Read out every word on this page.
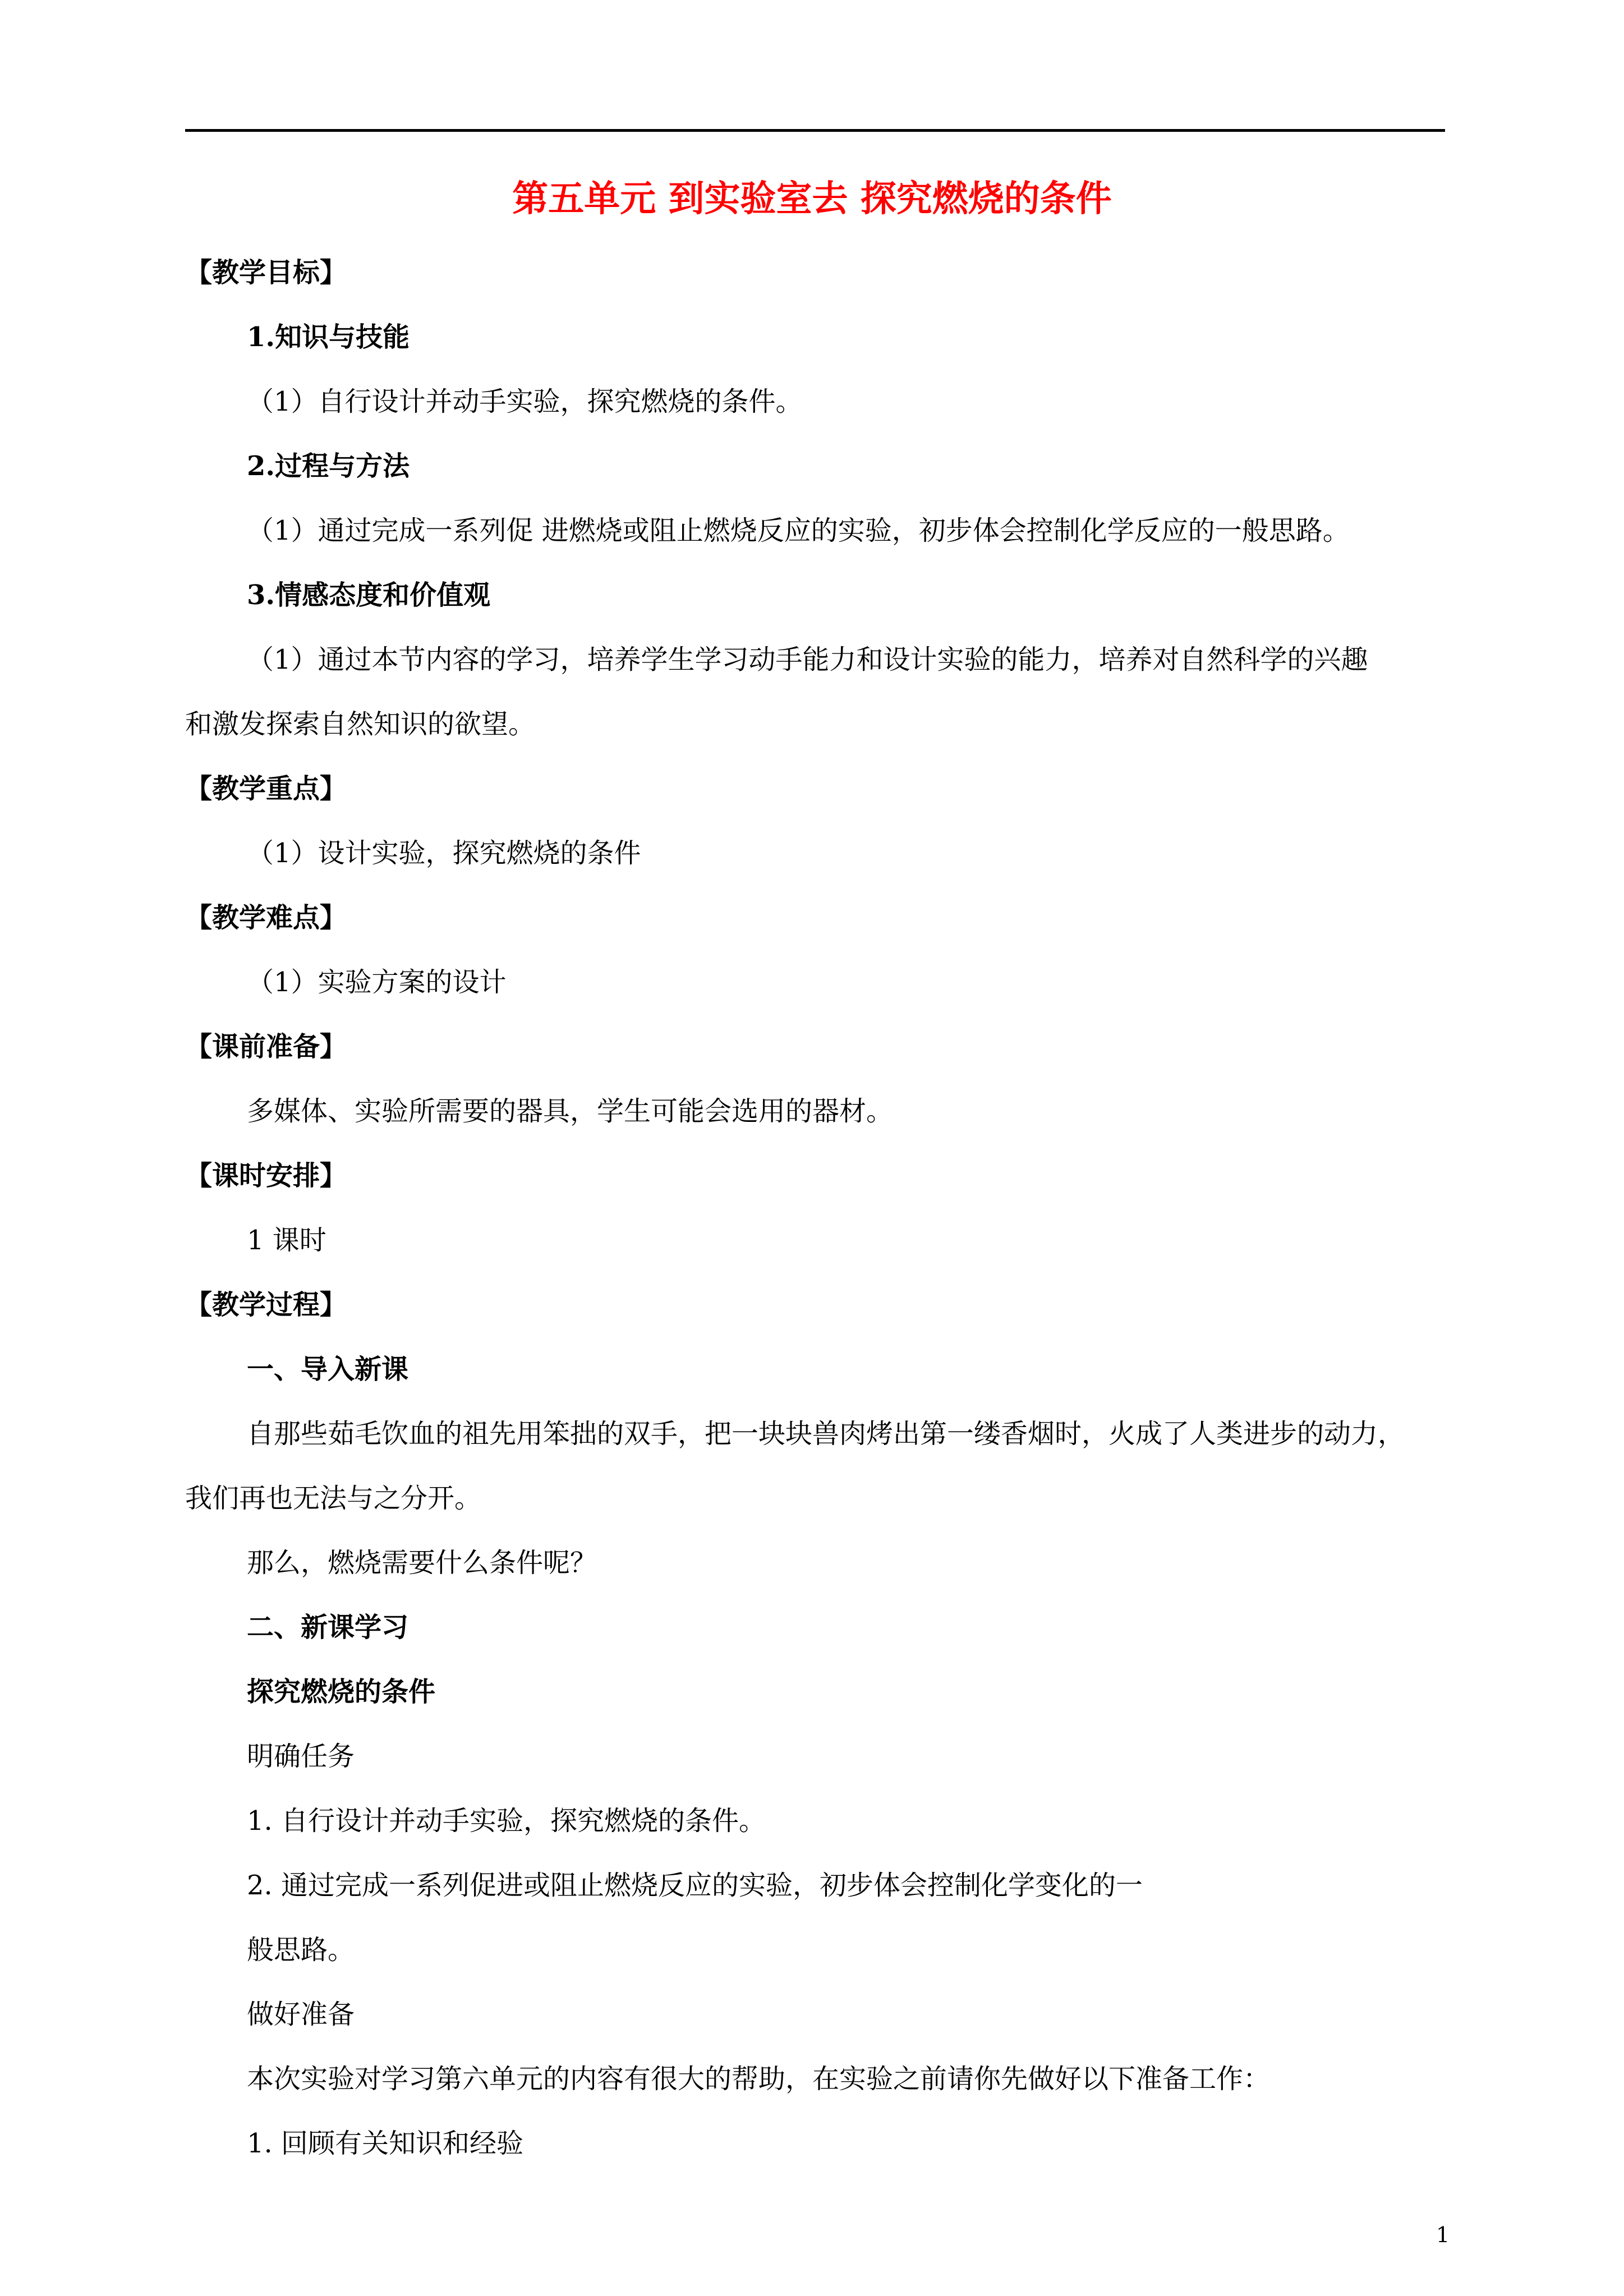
第五单元 到实验室去 探究燃烧的条件

【教学目标】

1.知识与技能

（1）自行设计并动手实验，探究燃烧的条件。

2.过程与方法

（1）通过完成一系列促 进燃烧或阻止燃烧反应的实验，初步体会控制化学反应的一般思路。

3.情感态度和价值观

（1）通过本节内容的学习，培养学生学习动手能力和设计实验的能力，培养对自然科学的兴趣

和激发探索自然知识的欲望。

【教学重点】

（1）设计实验，探究燃烧的条件

【教学难点】

（1）实验方案的设计

【课前准备】

多媒体、实验所需要的器具，学生可能会选用的器材。

【课时安排】

1 课时

【教学过程】

一、导入新课

自那些茹毛饮血的祖先用笨拙的双手，把一块块兽肉烤出第一缕香烟时，火成了人类进步的动力，

我们再也无法与之分开。

那么，燃烧需要什么条件呢？

二、新课学习

探究燃烧的条件

明确任务

1. 自行设计并动手实验，探究燃烧的条件。

2. 通过完成一系列促进或阻止燃烧反应的实验，初步体会控制化学变化的一

般思路。

做好准备

本次实验对学习第六单元的内容有很大的帮助，在实验之前请你先做好以下准备工作：

1. 回顾有关知识和经验

1
